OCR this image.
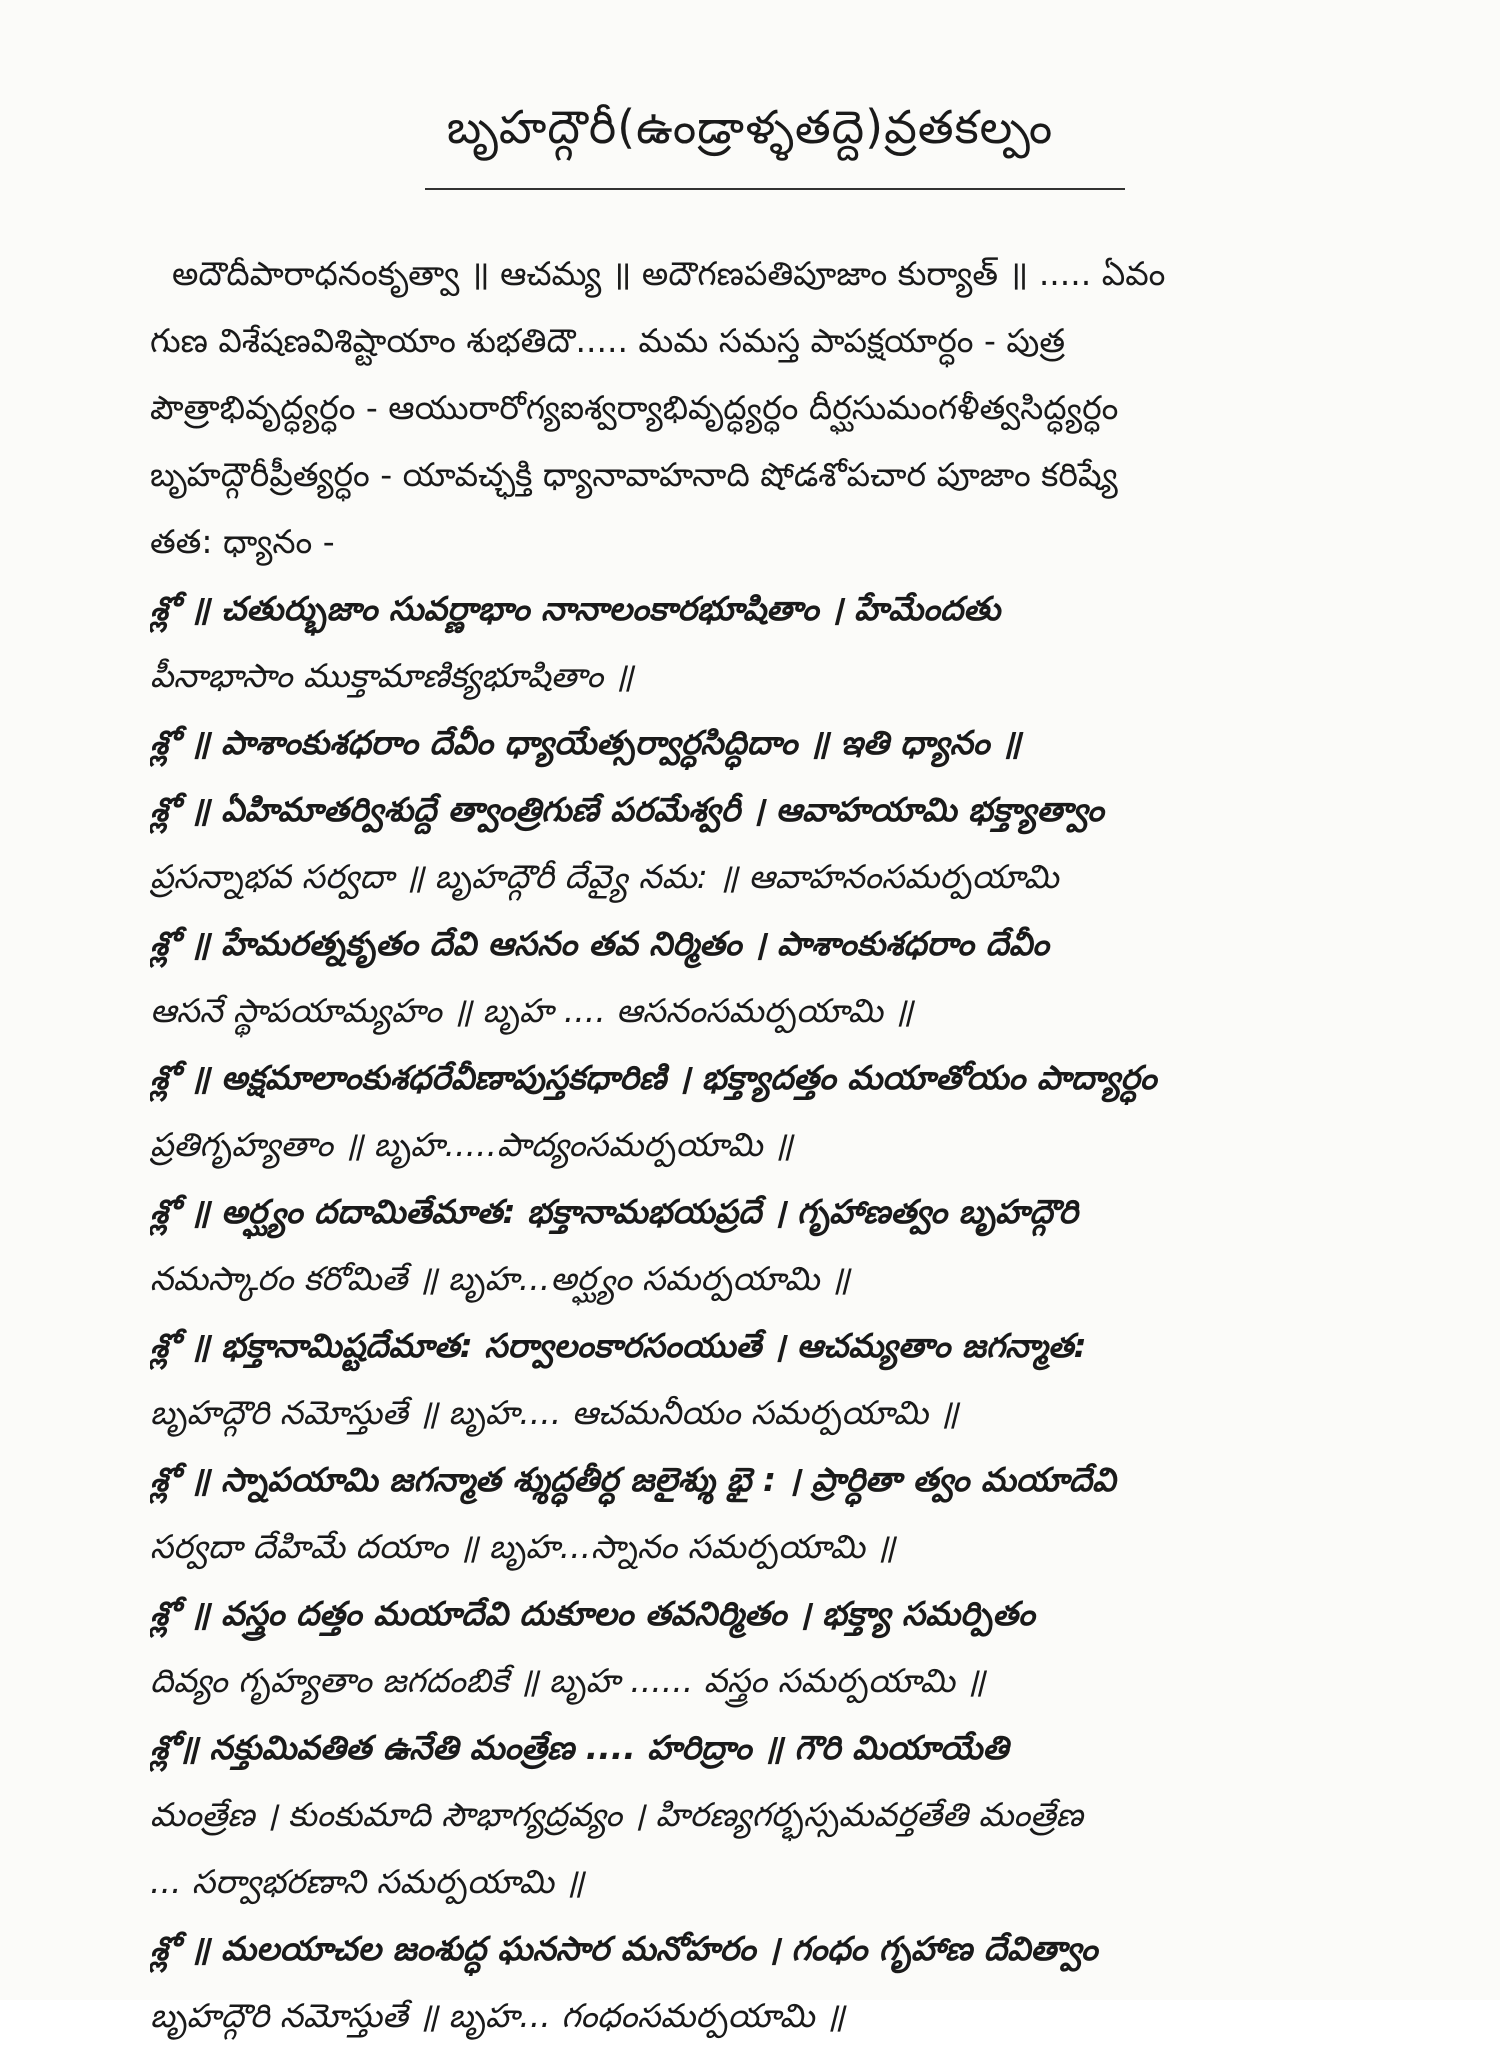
బృహద్గౌరీ(ఉండ్రాళ్ళతద్దె)వ్రతకల్పం
అదౌదీపారాధనంకృత్వా ॥ ఆచమ్య ॥ అదౌగణపతిపూజాం కుర్యాత్ ॥ ..... ఏవం
గుణ విశేషణవిశిష్టాయాం శుభతిదౌ..... మమ సమస్త పాపక్షయార్ధం - పుత్ర
పౌత్రాభివృద్ధ్యర్ధం - ఆయురారోగ్యఐశ్వర్యాభివృద్ధ్యర్ధం దీర్ఘసుమంగళీత్వసిద్ధ్యర్ధం
బృహద్గౌరీప్రీత్యర్ధం - యావచ్ఛక్తి ధ్యానావాహనాది షోడశోపచార పూజాం కరిష్యే
తత: ధ్యానం -
శ్లో ॥ చతుర్భుజాం సువర్ణాభాం నానాలంకారభూషితాం । హేమేందతు
పీనాభాసాం ముక్తామాణిక్యభూషితాం ॥
శ్లో ॥ పాశాంకుశధరాం దేవీం ధ్యాయేత్సర్వార్ధసిద్ధిదాం ॥ ఇతి ధ్యానం ॥
శ్లో ॥ ఏహిమాతర్విశుద్దే త్వాంత్రిగుణే పరమేశ్వరీ । ఆవాహయామి భక్త్యాత్వాం
ప్రసన్నాభవ సర్వదా ॥ బృహద్గౌరీ దేవ్యై నమ: ॥ ఆవాహనంసమర్పయామి
శ్లో ॥ హేమరత్నకృతం దేవి ఆసనం తవ నిర్మితం । పాశాంకుశధరాం దేవీం
ఆసనే స్థాపయామ్యహం ॥ బృహ .... ఆసనంసమర్పయామి ॥
శ్లో ॥ అక్షమాలాంకుశధరేవీణాపుస్తకధారిణి । భక్త్యాదత్తం మయాతోయం పాద్యార్ధం
ప్రతిగృహ్యతాం ॥ బృహ.....పాద్యంసమర్పయామి ॥
శ్లో ॥ అర్ఘ్యం దదామితేమాత: భక్తానామభయప్రదే । గృహాణత్వం బృహద్గౌరి
నమస్కారం కరోమితే ॥ బృహ...అర్ఘ్యం సమర్పయామి ॥
శ్లో ॥ భక్తానామిష్టదేమాత: సర్వాలంకారసంయుతే । ఆచమ్యతాం జగన్మాత:
బృహద్గౌరి నమోస్తుతే ॥ బృహ.... ఆచమనీయం సమర్పయామి ॥
శ్లో ॥ స్నాపయామి జగన్మాత శ్శుద్ధతీర్ధ జలైశ్శు భై : । ప్రార్ధితా త్వం మయాదేవి
సర్వదా దేహిమే దయాం ॥ బృహ...స్నానం సమర్పయామి ॥
శ్లో ॥ వస్త్రం దత్తం మయాదేవి దుకూలం తవనిర్మితం । భక్త్యా సమర్పితం
దివ్యం గృహ్యతాం జగదంబికే ॥ బృహ ...... వస్త్రం సమర్పయామి ॥
శ్లో॥ నక్తుమివతిత ఉనేతి మంత్రేణ .... హరిద్రాం ॥ గౌరి మియాయేతి
మంత్రేణ । కుంకుమాది సౌభాగ్యద్రవ్యం । హిరణ్యగర్భస్సమవర్తతేతి మంత్రేణ
... సర్వాభరణాని సమర్పయామి ॥
శ్లో ॥ మలయాచల జంశుద్ధ ఘనసార మనోహరం । గంధం గృహాణ దేవిత్వాం
బృహద్గౌరి నమోస్తుతే ॥ బృహ... గంధంసమర్పయామి ॥
